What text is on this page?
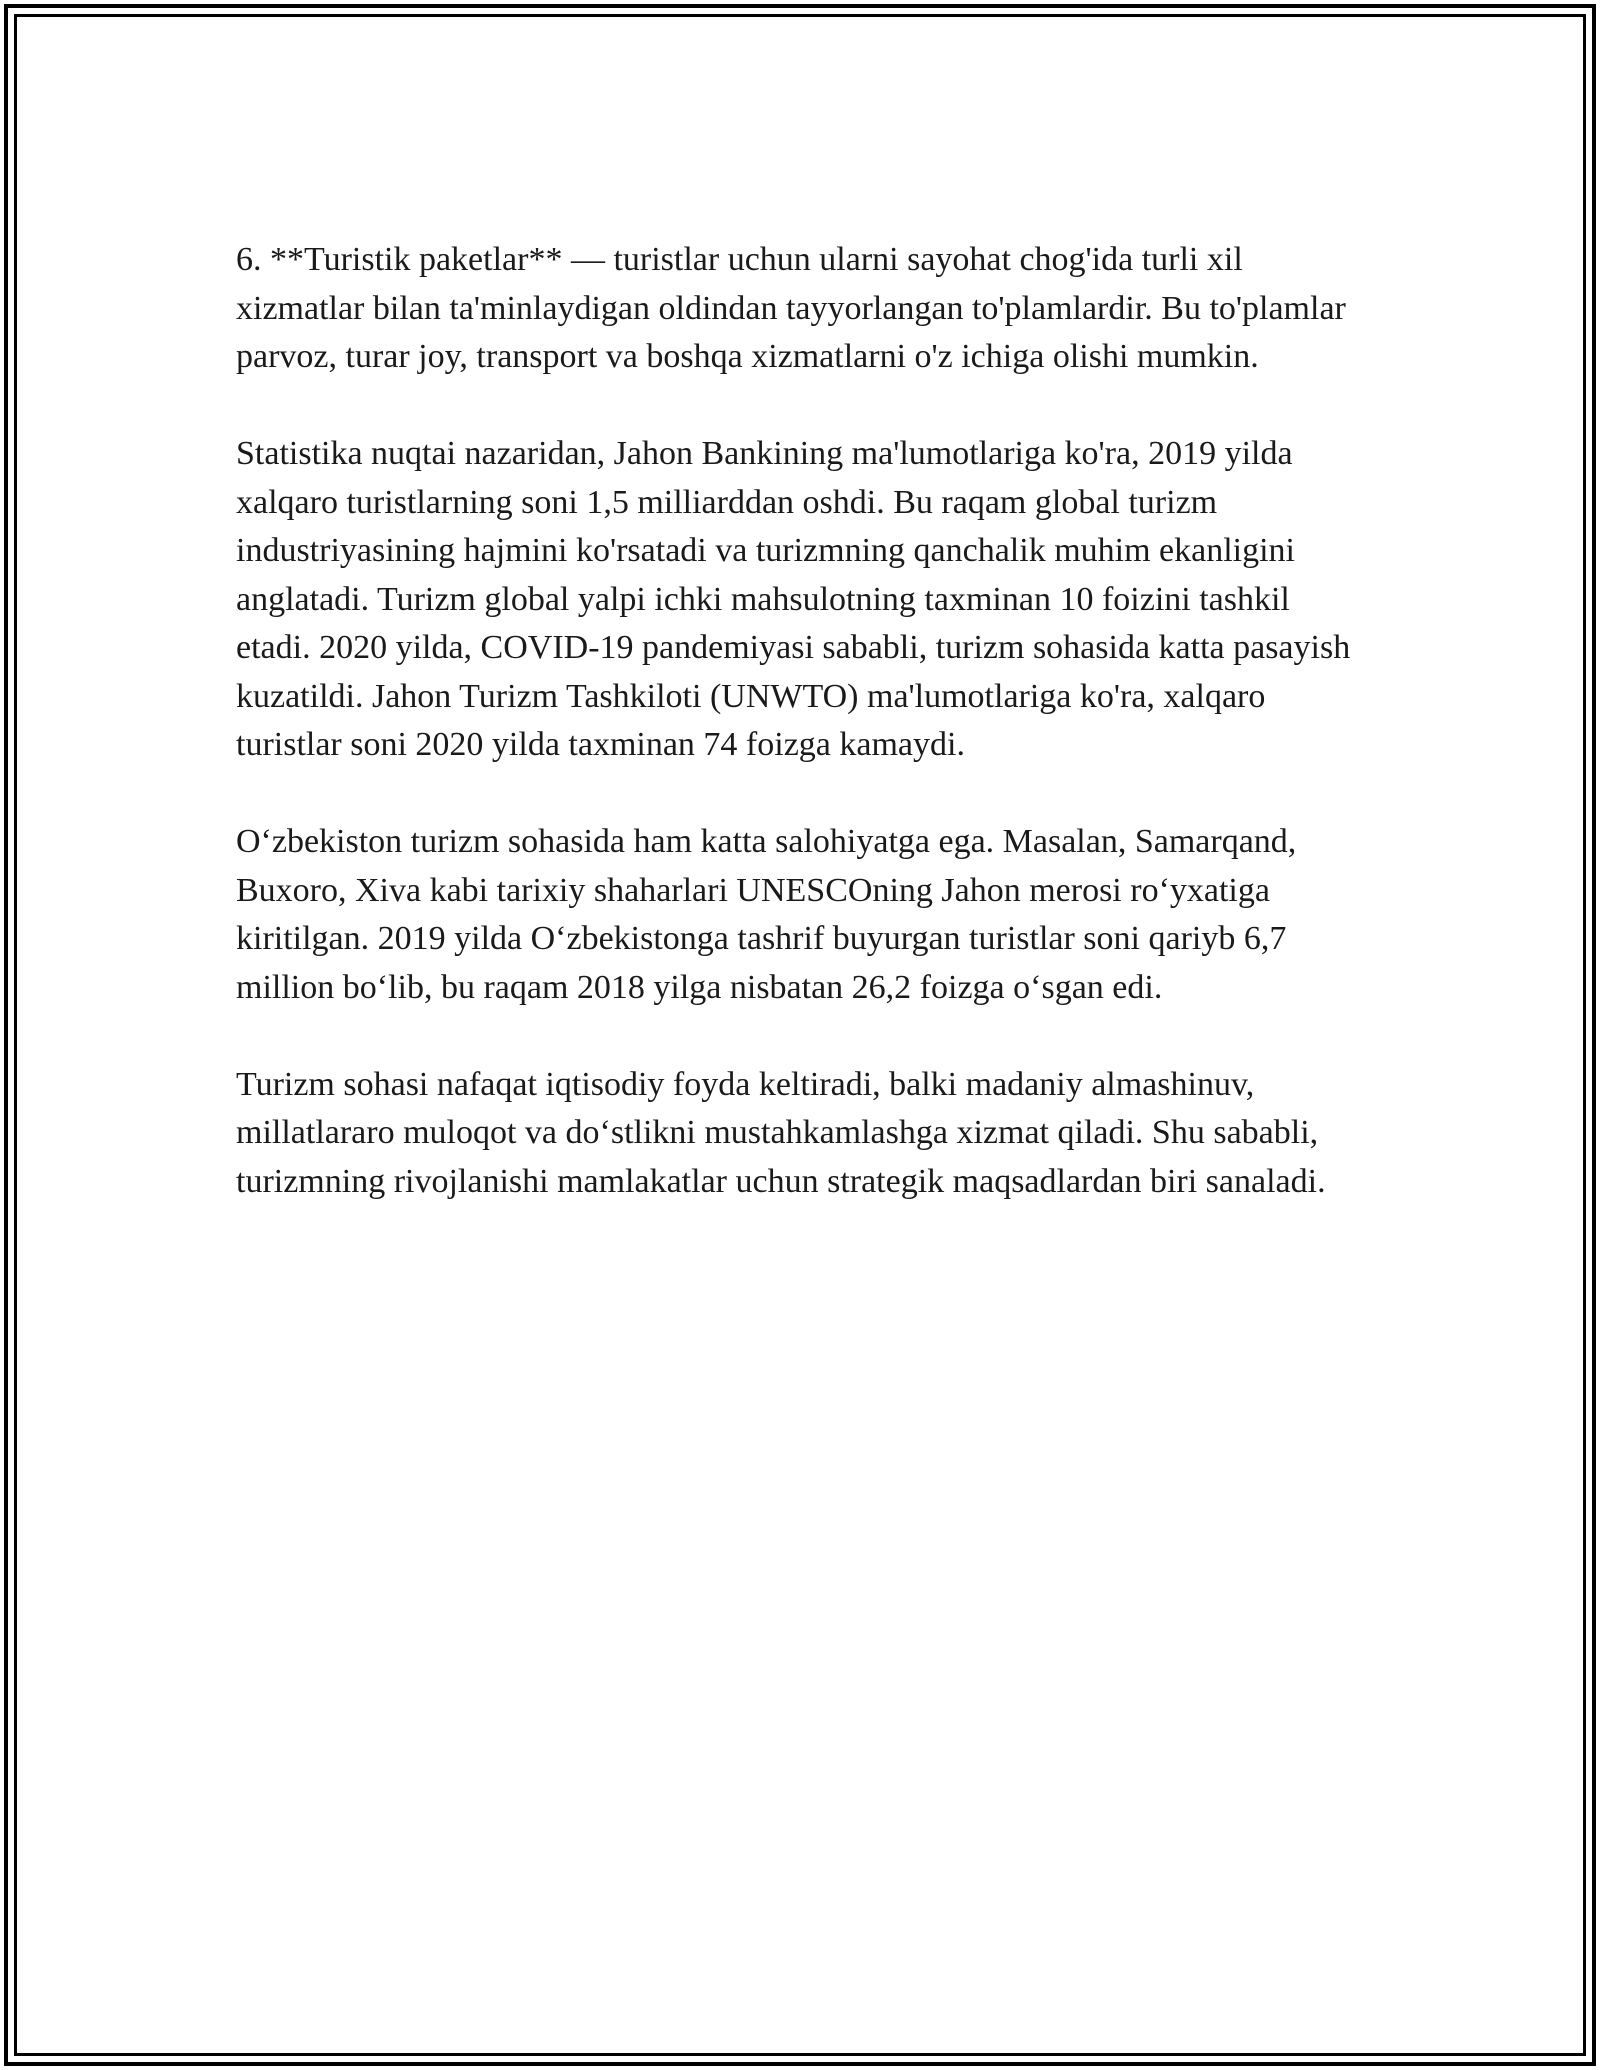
6. **Turistik paketlar** — turistlar uchun ularni sayohat chog'ida turli xil xizmatlar bilan ta'minlaydigan oldindan tayyorlangan to'plamlardir. Bu to'plamlar parvoz, turar joy, transport va boshqa xizmatlarni o'z ichiga olishi mumkin.

Statistika nuqtai nazaridan, Jahon Bankining ma'lumotlariga ko'ra, 2019 yilda xalqaro turistlarning soni 1,5 milliarddan oshdi. Bu raqam global turizm industriyasining hajmini ko'rsatadi va turizmning qanchalik muhim ekanligini anglatadi. Turizm global yalpi ichki mahsulotning taxminan 10 foizini tashkil etadi. 2020 yilda, COVID-19 pandemiyasi sababli, turizm sohasida katta pasayish kuzatildi. Jahon Turizm Tashkiloti (UNWTO) ma'lumotlariga ko'ra, xalqaro turistlar soni 2020 yilda taxminan 74 foizga kamaydi.

O‘zbekiston turizm sohasida ham katta salohiyatga ega. Masalan, Samarqand, Buxoro, Xiva kabi tarixiy shaharlari UNESCOning Jahon merosi ro‘yxatiga kiritilgan. 2019 yilda O‘zbekistonga tashrif buyurgan turistlar soni qariyb 6,7 million bo‘lib, bu raqam 2018 yilga nisbatan 26,2 foizga o‘sgan edi.

Turizm sohasi nafaqat iqtisodiy foyda keltiradi, balki madaniy almashinuv, millatlararo muloqot va do‘stlikni mustahkamlashga xizmat qiladi. Shu sababli, turizmning rivojlanishi mamlakatlar uchun strategik maqsadlardan biri sanaladi.
